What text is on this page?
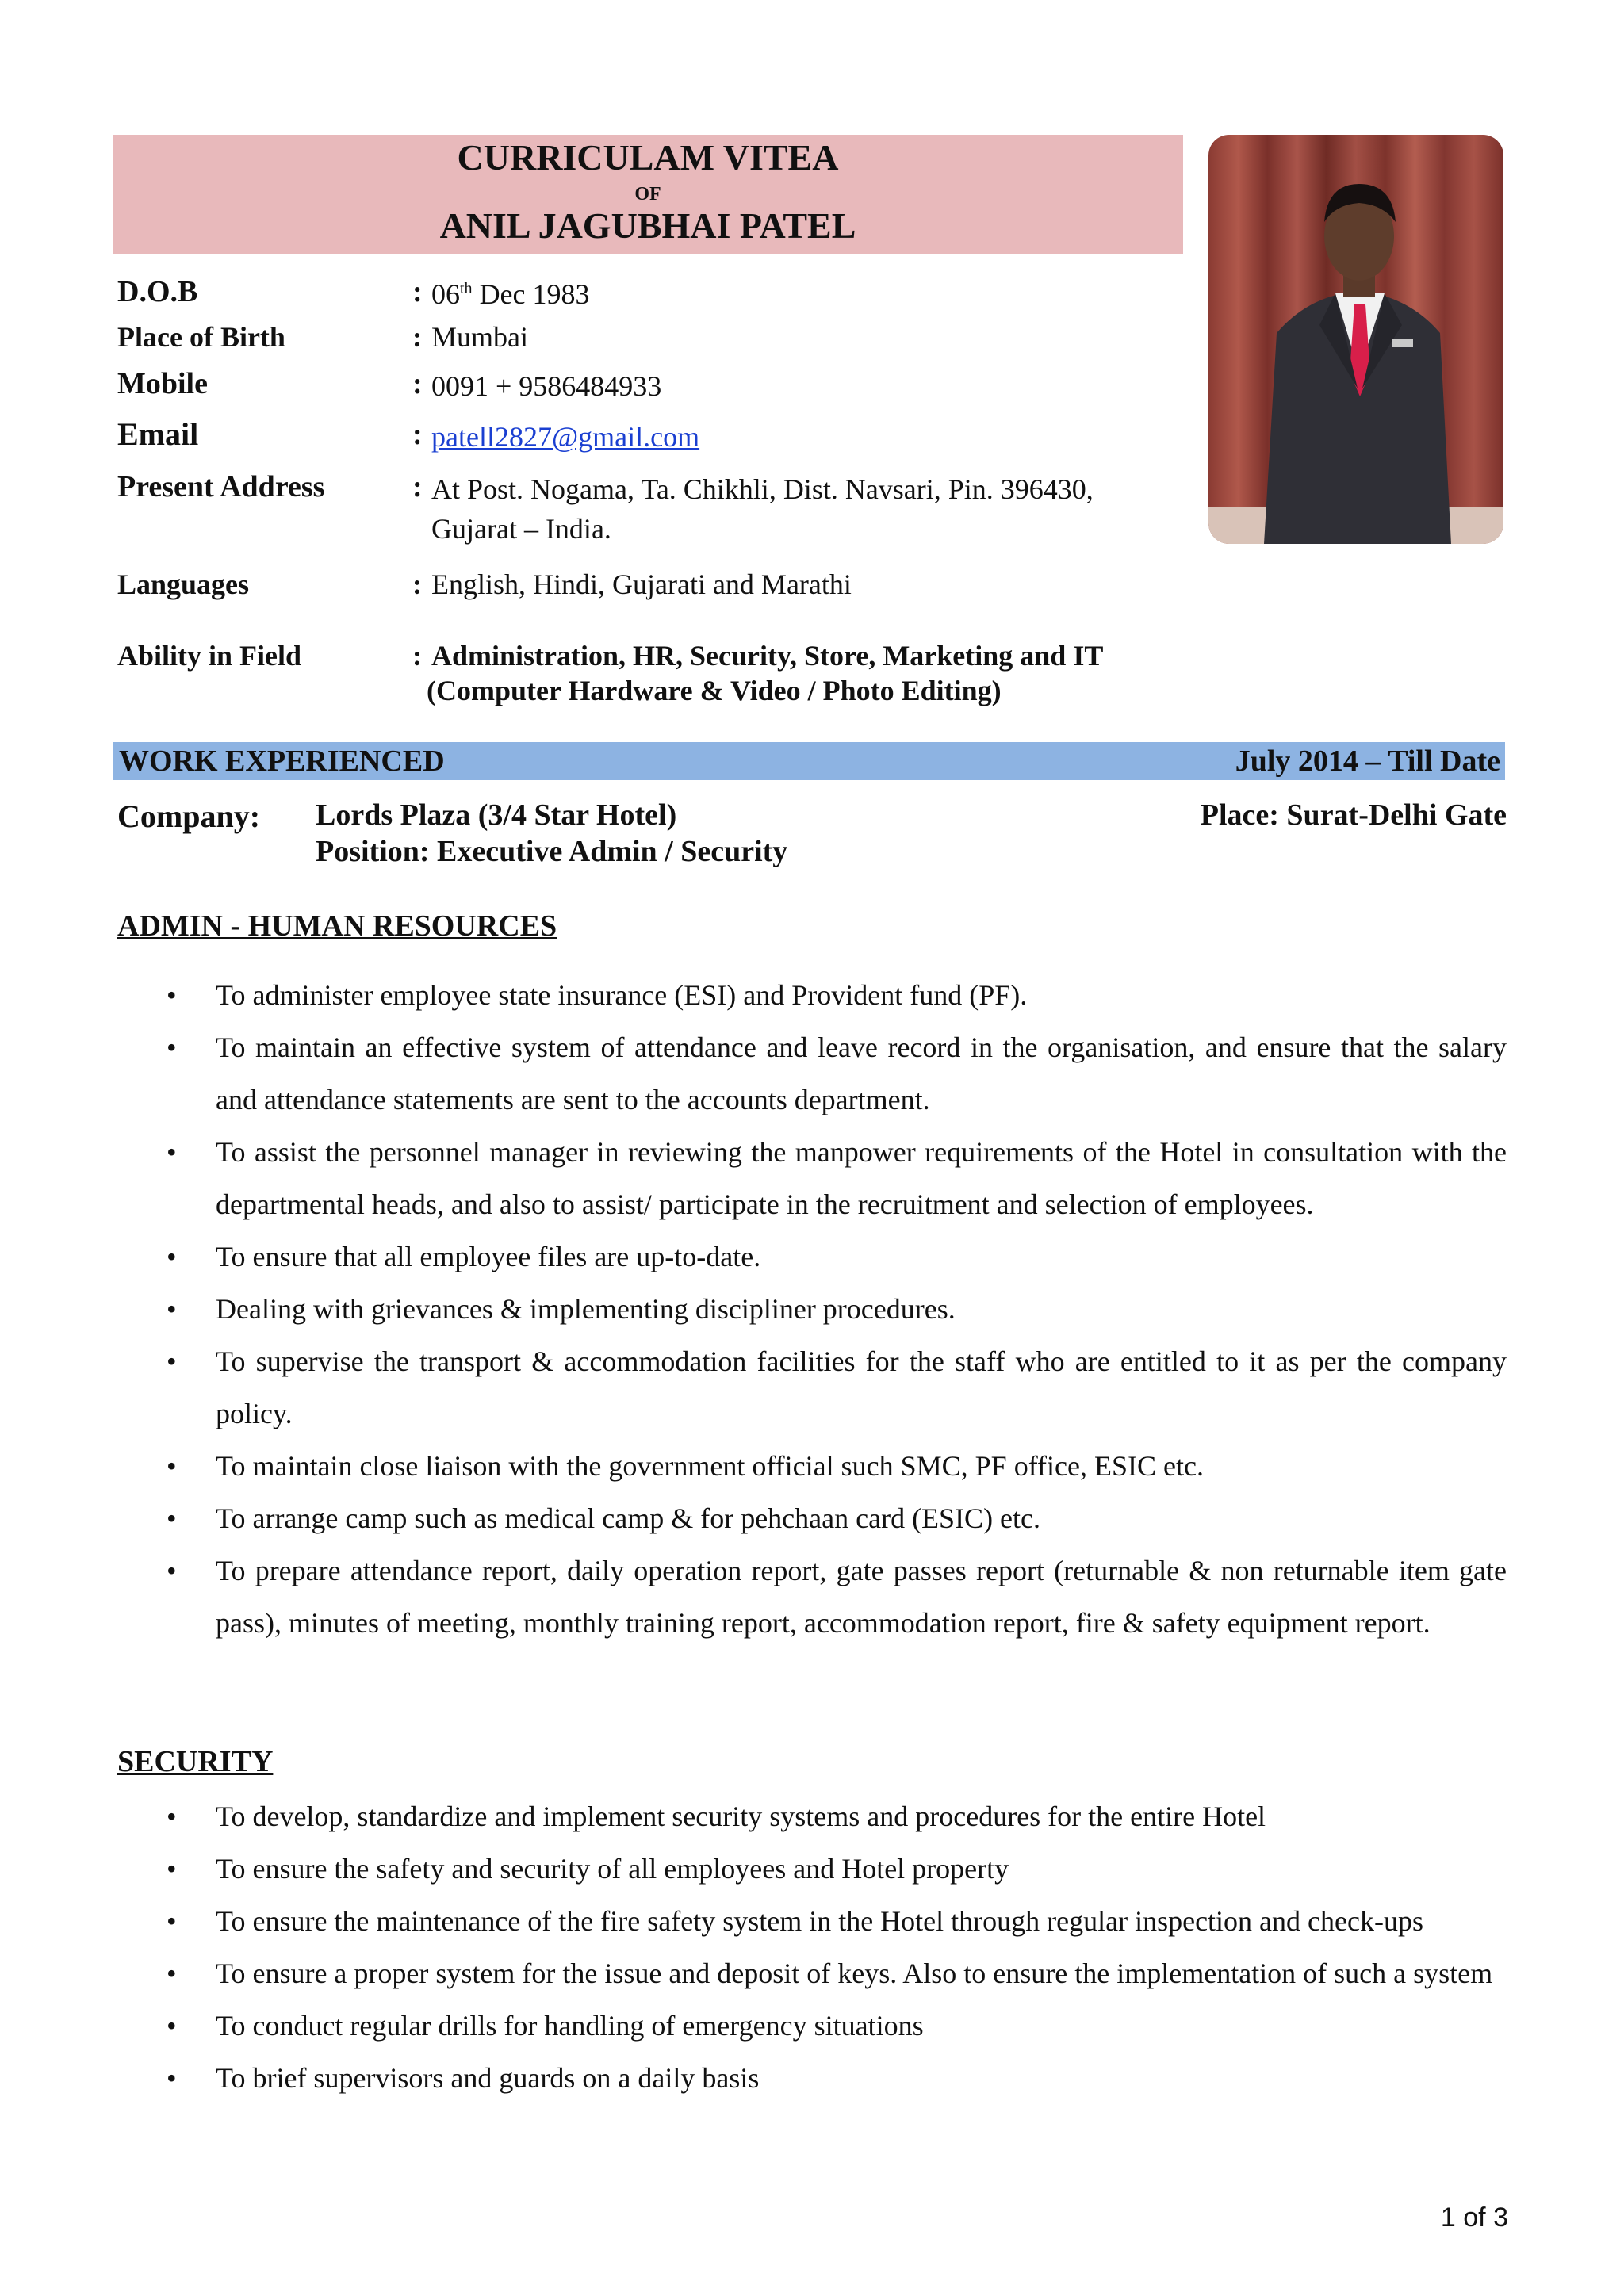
CURRICULAM VITEA
OF
ANIL JAGUBHAI PATEL
D.O.B	: 06th Dec 1983
Place of Birth	: Mumbai
Mobile	: 0091 + 9586484933
Email	: patell2827@gmail.com
Present Address	: At Post. Nogama, Ta. Chikhli, Dist. Navsari, Pin. 396430,
Gujarat – India.
Languages	: English, Hindi, Gujarati and Marathi
Ability in Field	: Administration, HR, Security, Store, Marketing and IT
(Computer Hardware & Video / Photo Editing)
WORK EXPERIENCED	July 2014 – Till Date
Company: Lords Plaza (3/4 Star Hotel)
Position: Executive Admin / Security
Place: Surat-Delhi Gate
ADMIN - HUMAN RESOURCES
• To administer employee state insurance (ESI) and Provident fund (PF).
• To maintain an effective system of attendance and leave record in the organisation, and ensure that the salary and attendance statements are sent to the accounts department.
• To assist the personnel manager in reviewing the manpower requirements of the Hotel in consultation with the departmental heads, and also to assist/ participate in the recruitment and selection of employees.
• To ensure that all employee files are up-to-date.
• Dealing with grievances & implementing discipliner procedures.
• To supervise the transport & accommodation facilities for the staff who are entitled to it as per the company policy.
• To maintain close liaison with the government official such SMC, PF office, ESIC etc.
• To arrange camp such as medical camp & for pehchaan card (ESIC) etc.
• To prepare attendance report, daily operation report, gate passes report (returnable & non returnable item gate pass), minutes of meeting, monthly training report, accommodation report, fire & safety equipment report.
SECURITY
• To develop, standardize and implement security systems and procedures for the entire Hotel
• To ensure the safety and security of all employees and Hotel property
• To ensure the maintenance of the fire safety system in the Hotel through regular inspection and check-ups
• To ensure a proper system for the issue and deposit of keys. Also to ensure the implementation of such a system
• To conduct regular drills for handling of emergency situations
• To brief supervisors and guards on a daily basis
1 of 3
